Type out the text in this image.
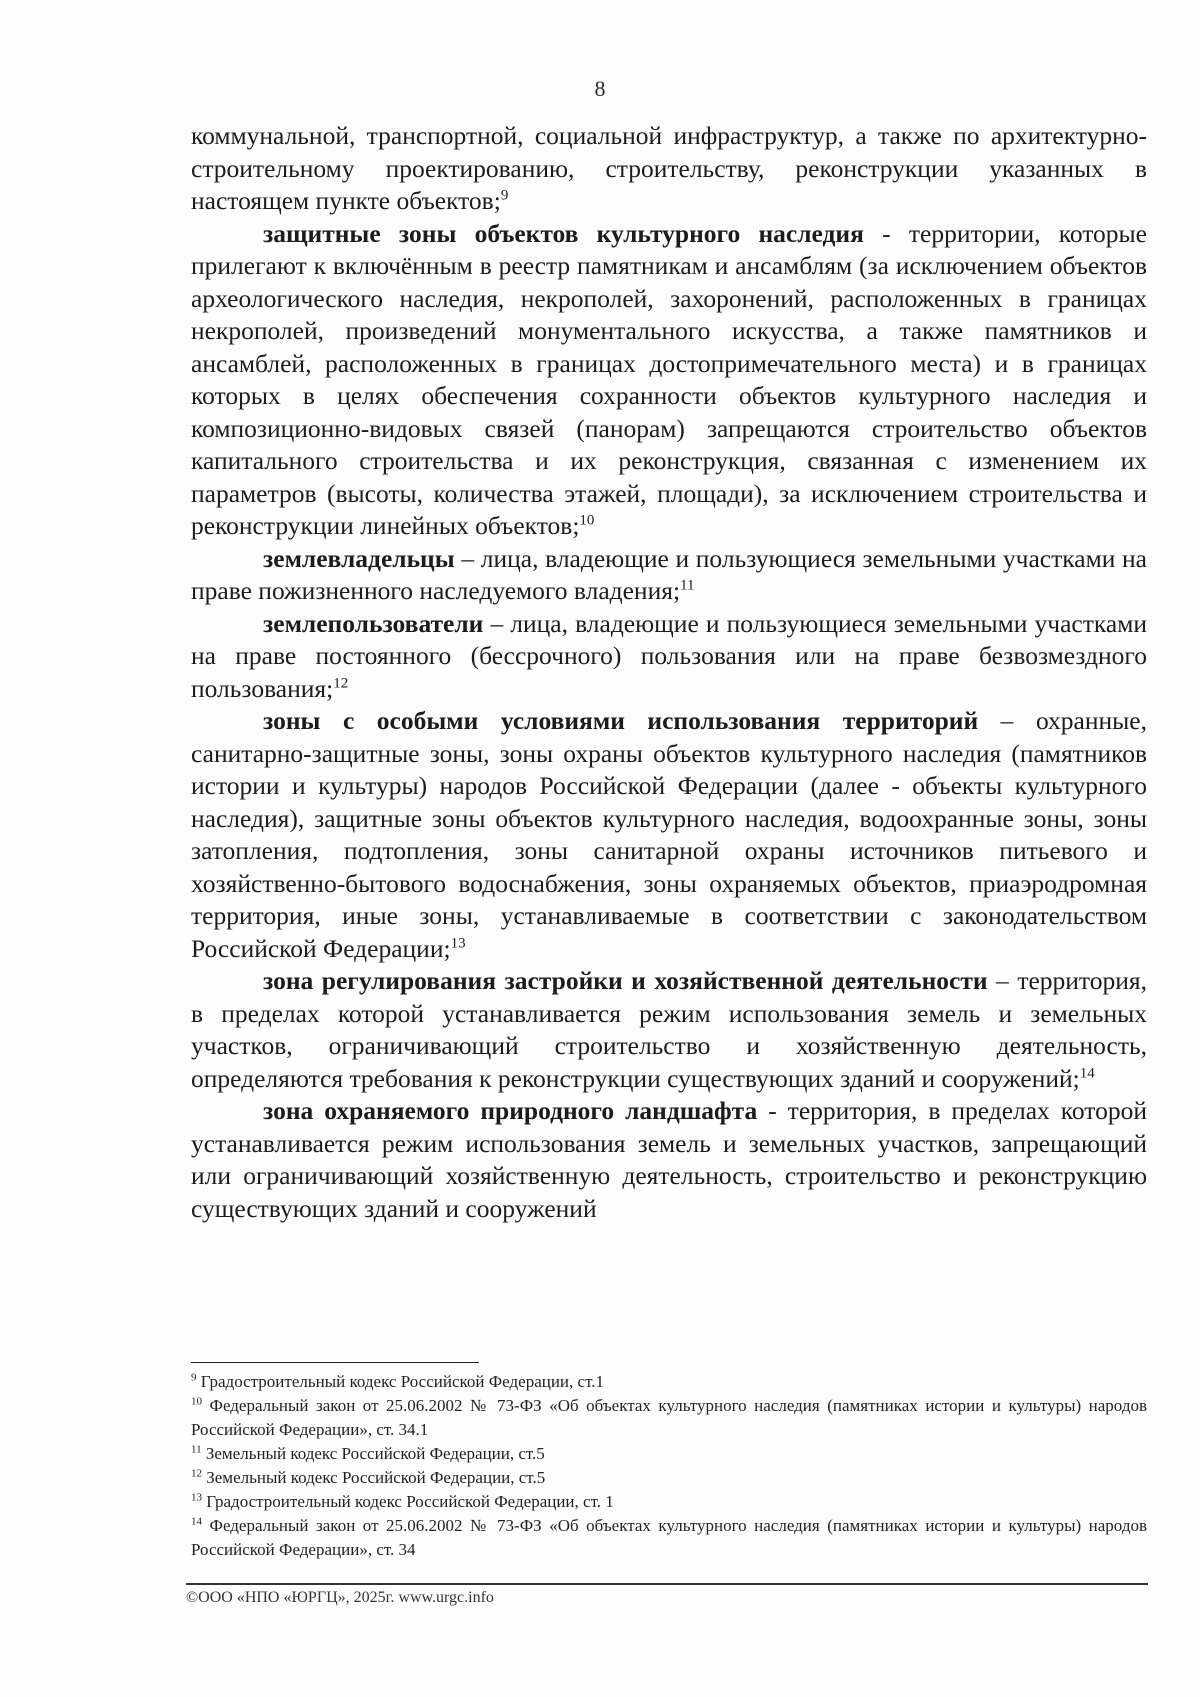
8

коммунальной, транспортной, социальной инфраструктур, а также по архитектурно-строительному проектированию, строительству, реконструкции указанных в настоящем пункте объектов;$^9$

защитные зоны объектов культурного наследия - территории, которые прилегают к включённым в реестр памятникам и ансамблям (за исключением объектов археологического наследия, некрополей, захоронений, расположенных в границах некрополей, произведений монументального искусства, а также памятников и ансамблей, расположенных в границах достопримечательного места) и в границах которых в целях обеспечения сохранности объектов культурного наследия и композиционно-видовых связей (панорам) запрещаются строительство объектов капитального строительства и их реконструкция, связанная с изменением их параметров (высоты, количества этажей, площади), за исключением строительства и реконструкции линейных объектов;$^{10}$

землевладельцы – лица, владеющие и пользующиеся земельными участками на праве пожизненного наследуемого владения;$^{11}$

землепользователи – лица, владеющие и пользующиеся земельными участками на праве постоянного (бессрочного) пользования или на праве безвозмездного пользования;$^{12}$

зоны с особыми условиями использования территорий – охранные, санитарно-защитные зоны, зоны охраны объектов культурного наследия (памятников истории и культуры) народов Российской Федерации (далее - объекты культурного наследия), защитные зоны объектов культурного наследия, водоохранные зоны, зоны затопления, подтопления, зоны санитарной охраны источников питьевого и хозяйственно-бытового водоснабжения, зоны охраняемых объектов, приаэродромная территория, иные зоны, устанавливаемые в соответствии с законодательством Российской Федерации;$^{13}$

зона регулирования застройки и хозяйственной деятельности – территория, в пределах которой устанавливается режим использования земель и земельных участков, ограничивающий строительство и хозяйственную деятельность, определяются требования к реконструкции существующих зданий и сооружений;$^{14}$

зона охраняемого природного ландшафта - территория, в пределах которой устанавливается режим использования земель и земельных участков, запрещающий или ограничивающий хозяйственную деятельность, строительство и реконструкцию существующих зданий и сооружений

$^9$ Градостроительный кодекс Российской Федерации, ст.1

$^{10}$ Федеральный закон от 25.06.2002 № 73-ФЗ «Об объектах культурного наследия (памятниках истории и культуры) народов Российской Федерации», ст. 34.1

$^{11}$ Земельный кодекс Российской Федерации, ст.5

$^{12}$ Земельный кодекс Российской Федерации, ст.5

$^{13}$ Градостроительный кодекс Российской Федерации, ст. 1

$^{14}$ Федеральный закон от 25.06.2002 № 73-ФЗ «Об объектах культурного наследия (памятниках истории и культуры) народов Российской Федерации», ст. 34

©ООО «НПО «ЮРГЦ», 2025г. www.urgc.info
